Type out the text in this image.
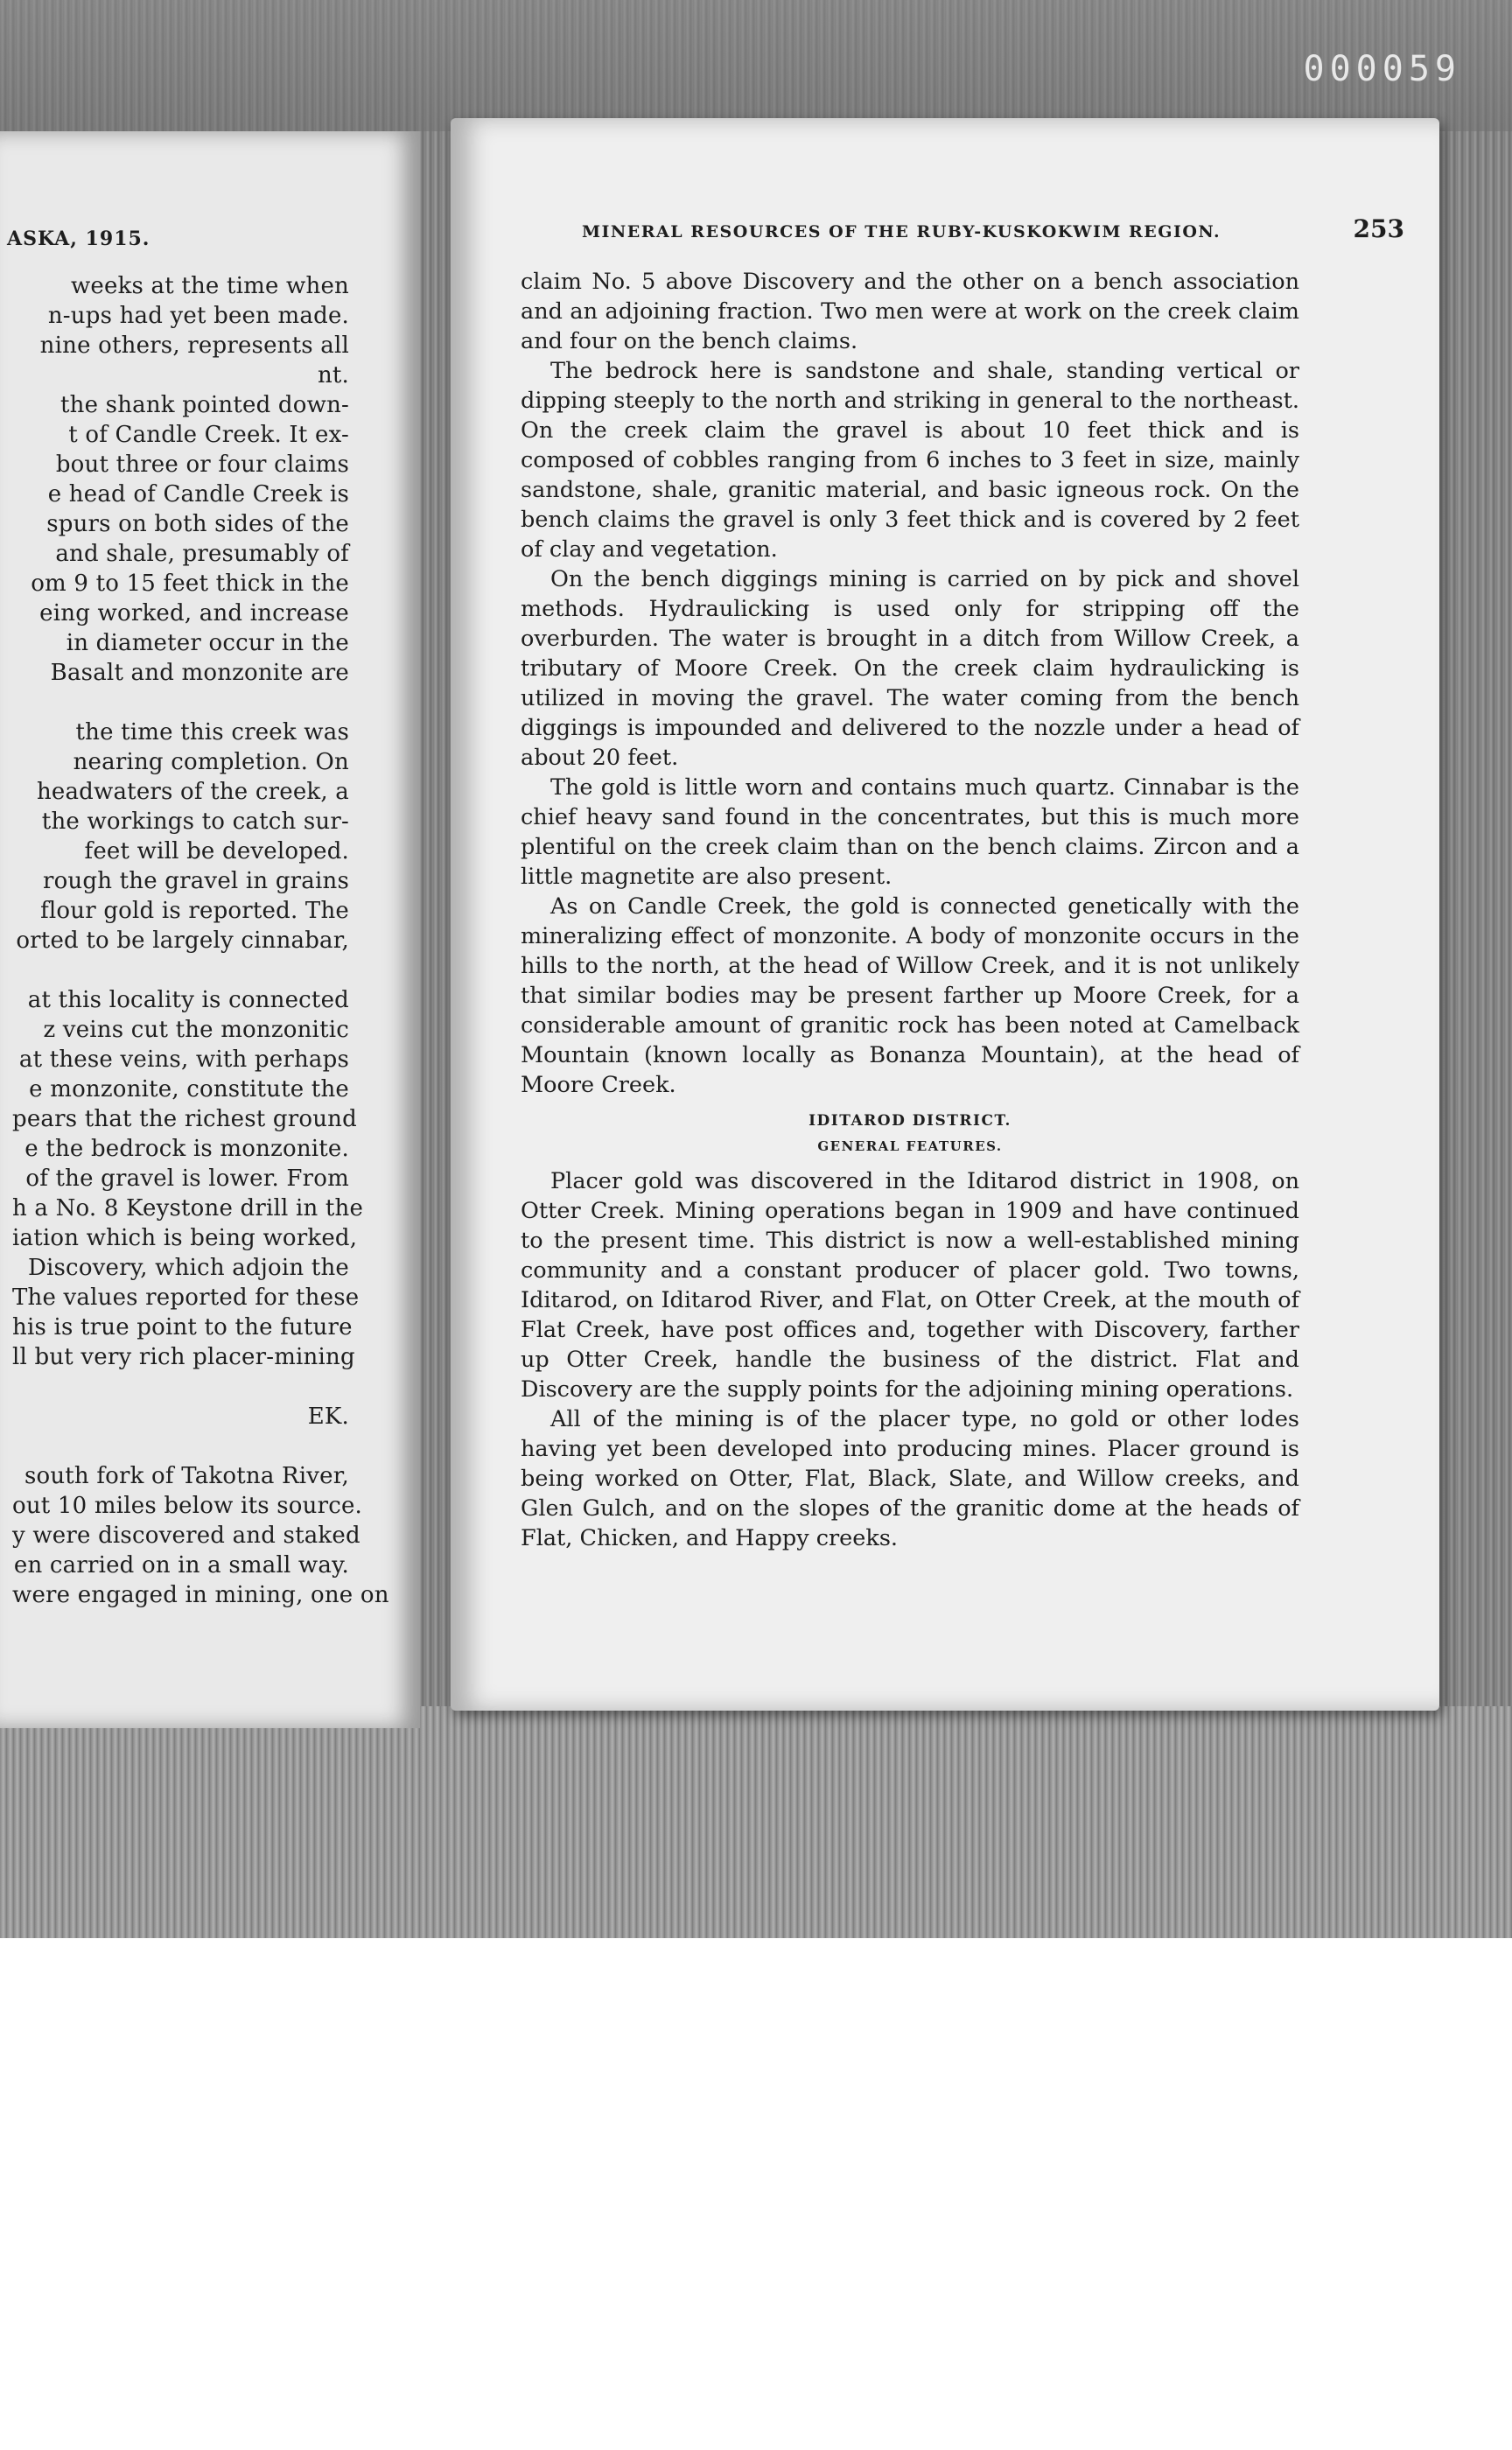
000059
ASKA, 1915.
weeks at the time when
n-ups had yet been made.
nine others, represents all
nt.
the shank pointed down-
t of Candle Creek. It ex-
bout three or four claims
e head of Candle Creek is
spurs on both sides of the
and shale, presumably of
om 9 to 15 feet thick in the
eing worked, and increase
in diameter occur in the
Basalt and monzonite are
the time this creek was
nearing completion. On
headwaters of the creek, a
the workings to catch sur-
feet will be developed.
rough the gravel in grains
flour gold is reported. The
orted to be largely cinnabar,
at this locality is connected
z veins cut the monzonitic
at these veins, with perhaps
e monzonite, constitute the
pears that the richest ground
e the bedrock is monzonite.
of the gravel is lower. From
h a No. 8 Keystone drill in the
iation which is being worked,
Discovery, which adjoin the
The values reported for these
his is true point to the future
ll but very rich placer-mining
EK.
south fork of Takotna River,
out 10 miles below its source.
y were discovered and staked
en carried on in a small way.
were engaged in mining, one on
MINERAL RESOURCES OF THE RUBY-KUSKOKWIM REGION.	253

claim No. 5 above Discovery and the other on a bench association and an adjoining fraction. Two men were at work on the creek claim and four on the bench claims.

The bedrock here is sandstone and shale, standing vertical or dipping steeply to the north and striking in general to the northeast. On the creek claim the gravel is about 10 feet thick and is composed of cobbles ranging from 6 inches to 3 feet in size, mainly sandstone, shale, granitic material, and basic igneous rock. On the bench claims the gravel is only 3 feet thick and is covered by 2 feet of clay and vegetation.

On the bench diggings mining is carried on by pick and shovel methods. Hydraulicking is used only for stripping off the overburden. The water is brought in a ditch from Willow Creek, a tributary of Moore Creek. On the creek claim hydraulicking is utilized in moving the gravel. The water coming from the bench diggings is impounded and delivered to the nozzle under a head of about 20 feet.

The gold is little worn and contains much quartz. Cinnabar is the chief heavy sand found in the concentrates, but this is much more plentiful on the creek claim than on the bench claims. Zircon and a little magnetite are also present.

As on Candle Creek, the gold is connected genetically with the mineralizing effect of monzonite. A body of monzonite occurs in the hills to the north, at the head of Willow Creek, and it is not unlikely that similar bodies may be present farther up Moore Creek, for a considerable amount of granitic rock has been noted at Camelback Mountain (known locally as Bonanza Mountain), at the head of Moore Creek.

IDITAROD DISTRICT.
GENERAL FEATURES.

Placer gold was discovered in the Iditarod district in 1908, on Otter Creek. Mining operations began in 1909 and have continued to the present time. This district is now a well-established mining community and a constant producer of placer gold. Two towns, Iditarod, on Iditarod River, and Flat, on Otter Creek, at the mouth of Flat Creek, have post offices and, together with Discovery, farther up Otter Creek, handle the business of the district. Flat and Discovery are the supply points for the adjoining mining operations.

All of the mining is of the placer type, no gold or other lodes having yet been developed into producing mines. Placer ground is being worked on Otter, Flat, Black, Slate, and Willow creeks, and Glen Gulch, and on the slopes of the granitic dome at the heads of Flat, Chicken, and Happy creeks.
